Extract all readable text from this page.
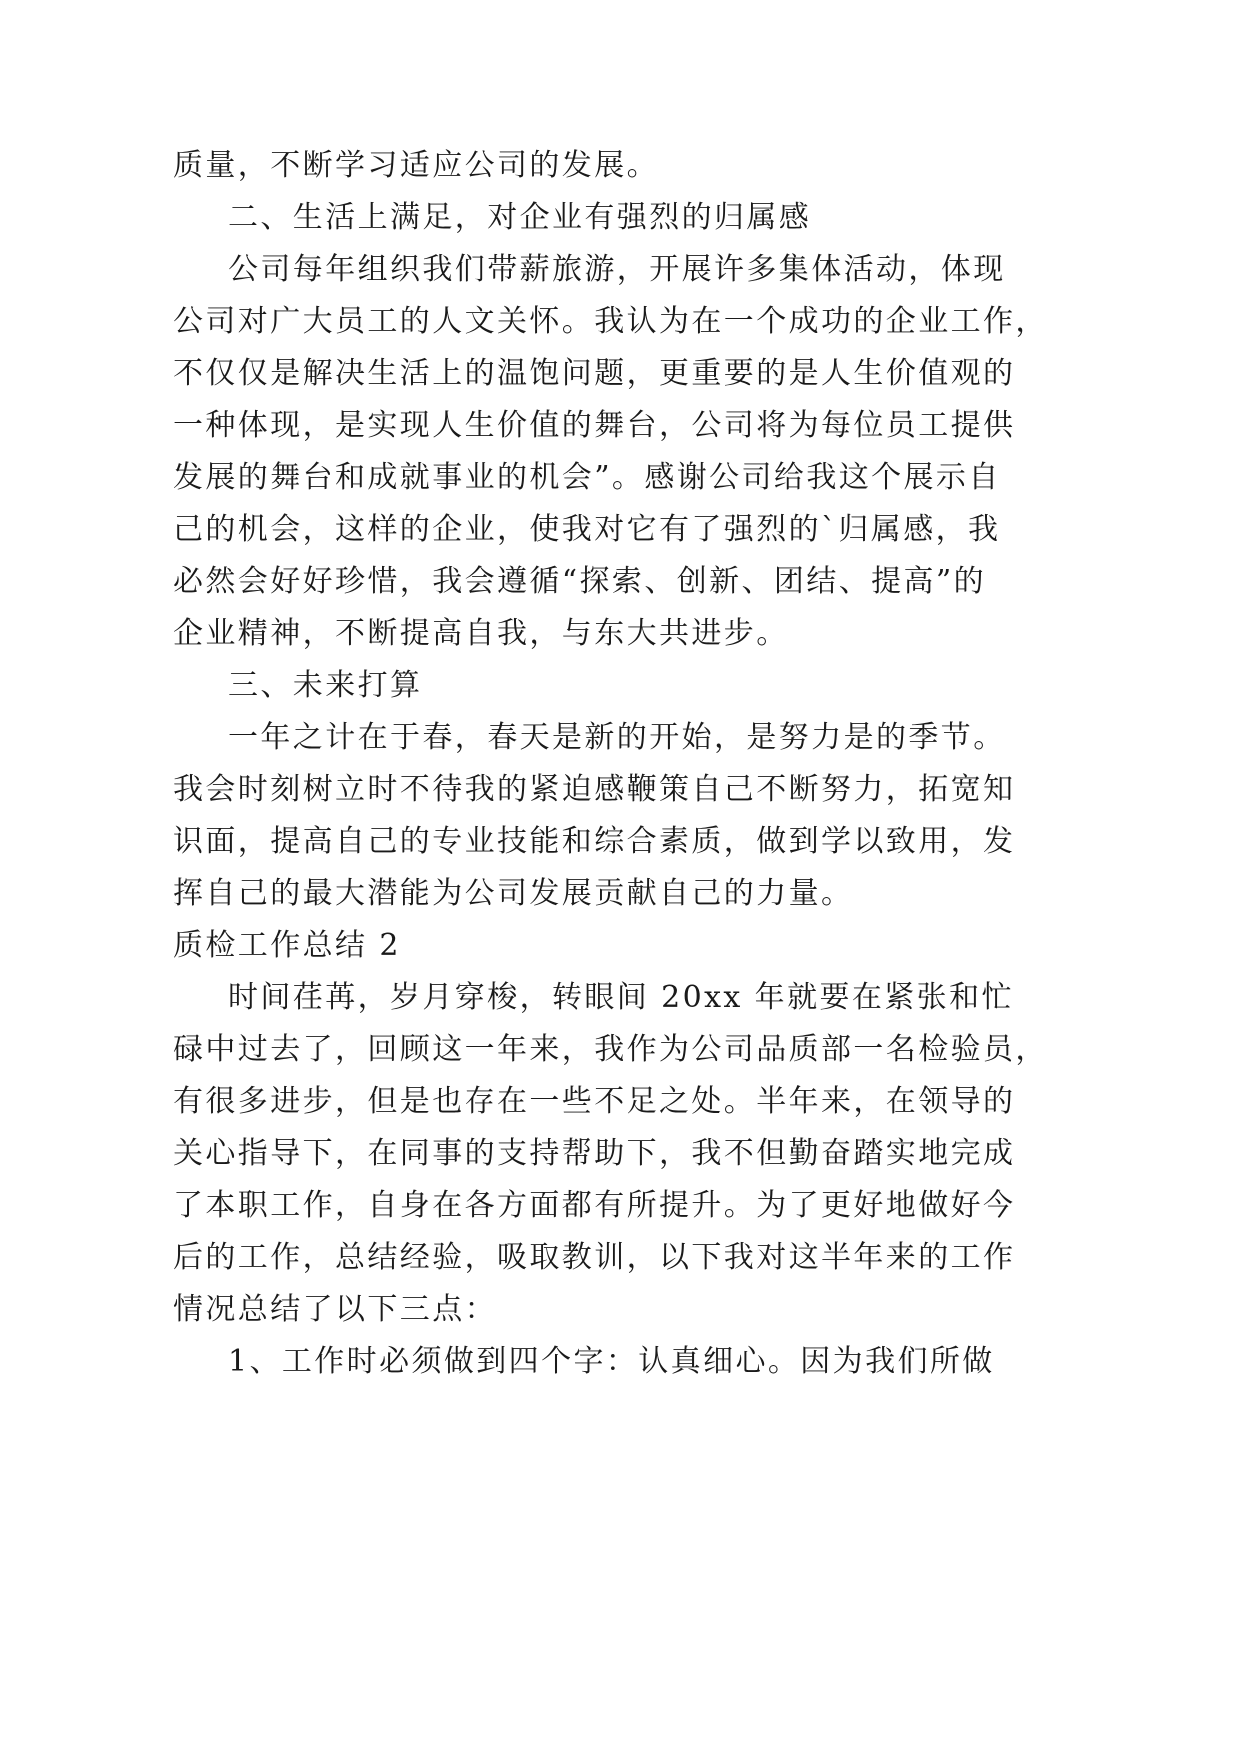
质量，不断学习适应公司的发展。
二、生活上满足，对企业有强烈的归属感
公司每年组织我们带薪旅游，开展许多集体活动，体现
公司对广大员工的人文关怀。我认为在一个成功的企业工作，
不仅仅是解决生活上的温饱问题，更重要的是人生价值观的
一种体现，是实现人生价值的舞台，公司将为每位员工提供
发展的舞台和成就事业的机会”。感谢公司给我这个展示自
己的机会，这样的企业，使我对它有了强烈的`归属感，我
必然会好好珍惜，我会遵循“探索、创新、团结、提高”的
企业精神，不断提高自我，与东大共进步。
三、未来打算
一年之计在于春，春天是新的开始，是努力是的季节。
我会时刻树立时不待我的紧迫感鞭策自己不断努力，拓宽知
识面，提高自己的专业技能和综合素质，做到学以致用，发
挥自己的最大潜能为公司发展贡献自己的力量。
质检工作总结 2
时间荏苒，岁月穿梭，转眼间 20xx 年就要在紧张和忙
碌中过去了，回顾这一年来，我作为公司品质部一名检验员，
有很多进步，但是也存在一些不足之处。半年来，在领导的
关心指导下，在同事的支持帮助下，我不但勤奋踏实地完成
了本职工作，自身在各方面都有所提升。为了更好地做好今
后的工作，总结经验，吸取教训，以下我对这半年来的工作
情况总结了以下三点：
1、工作时必须做到四个字：认真细心。因为我们所做
